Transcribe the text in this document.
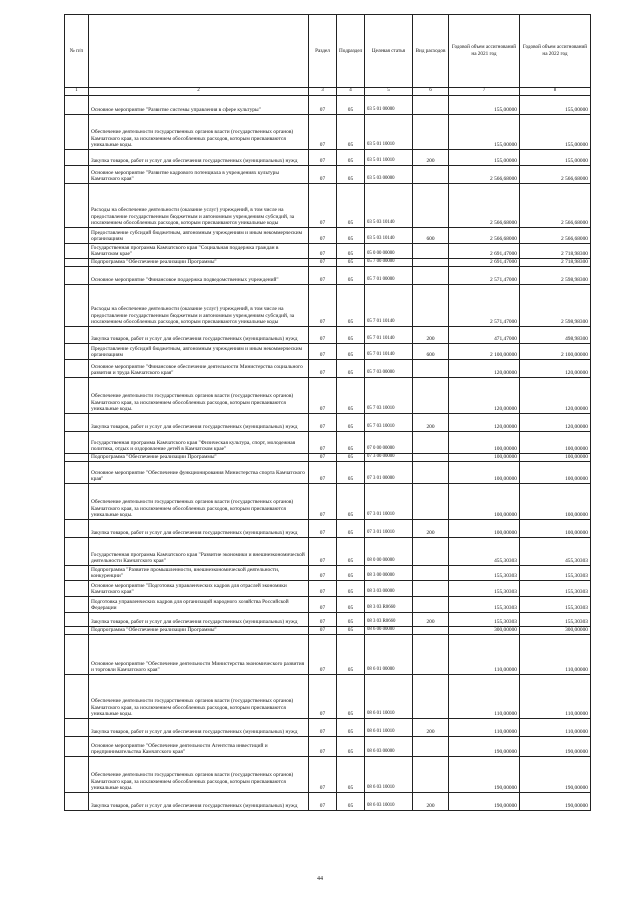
№ п/п		Раздел	Подраздел	Целевая статья	Вид расходов	Годовой объем ассигнований на 2021 год	Годовой объем ассигнований на 2022 год
1	2	3	4	5	6	7	8
	Основное мероприятие "Развитие системы управления в сфере культуры"	07	05	03 5 01 00000		155,00000	155,00000
	Обеспечение деятельности государственных органов власти (государственных органов) Камчатского края, за исключением обособленных расходов, которым присваиваются уникальные коды.	07	05	03 5 01 10010		155,00000	155,00000
	Закупка товаров, работ и услуг для обеспечения государственных (муниципальных) нужд	07	05	03 5 01 10010	200	155,00000	155,00000
	Основное мероприятие "Развитие кадрового потенциала в учреждениях культуры Камчатского края"	07	05	03 5 03 00000		2 566,68000	2 566,68000
	Расходы на обеспечение деятельности (оказание услуг) учреждений, в том числе на предоставление государственным бюджетным и автономным учреждениям субсидий, за исключением обособленных расходов, которым присваиваются уникальные коды	07	05	03 5 03 10140		2 566,68000	2 566,68000
	Предоставление субсидий бюджетным, автономным учреждениям и иным некоммерческим организациям	07	05	03 5 03 10140	600	2 566,68000	2 566,68000
	Государственная программа Камчатского края "Социальная поддержка граждан в Камчатском крае"	07	05	05 0 00 00000		2 691,47000	2 718,98300
	Подпрограмма "Обеспечение реализации Программы"	07	05	05 7 00 00000		2 691,47000	2 718,98300
	Основное мероприятие "Финансовое поддержка подведомственных учреждений"	07	05	05 7 01 00000		2 571,47000	2 598,98300
	Расходы на обеспечение деятельности (оказание услуг) учреждений, в том числе на предоставление государственным бюджетным и автономным учреждениям субсидий, за исключением обособленных расходов, которым присваиваются уникальные коды	07	05	05 7 01 10140		2 571,47000	2 598,98300
	Закупка товаров, работ и услуг для обеспечения государственных (муниципальных) нужд	07	05	05 7 01 10140	200	471,47000	498,98300
	Предоставление субсидий бюджетным, автономным учреждениям и иным некоммерческим организациям	07	05	05 7 01 10140	600	2 100,00000	2 100,00000
	Основное мероприятие "Финансовое обеспечение деятельности Министерства социального развития и труда Камчатского края"	07	05	05 7 03 00000		120,00000	120,00000
	Обеспечение деятельности государственных органов власти (государственных органов) Камчатского края, за исключением обособленных расходов, которым присваиваются уникальные коды.	07	05	05 7 03 10010		120,00000	120,00000
	Закупка товаров, работ и услуг для обеспечения государственных (муниципальных) нужд	07	05	05 7 03 10010	200	120,00000	120,00000
	Государственная программа Камчатского края "Физическая культура, спорт, молодежная политика, отдых и оздоровление детей в Камчатском крае"	07	05	07 0 00 00000		100,00000	100,00000
	Подпрограмма "Обеспечение реализации Программы"	07	05	07 3 00 00000		100,00000	100,00000
	Основное мероприятие "Обеспечение функционирования Министерства спорта Камчатского края"	07	05	07 3 01 00000		100,00000	100,00000
	Обеспечение деятельности государственных органов власти (государственных органов) Камчатского края, за исключением обособленных расходов, которым присваиваются уникальные коды.	07	05	07 3 01 10010		100,00000	100,00000
	Закупка товаров, работ и услуг для обеспечения государственных (муниципальных) нужд	07	05	07 3 01 10010	200	100,00000	100,00000
	Государственная программа Камчатского края "Развитие экономики и внешнеэкономической деятельности Камчатского края"	07	05	08 0 00 00000		455,30303	455,30303
	Подпрограмма "Развитие промышленности, внешнеэкономической деятельности, конкуренции"	07	05	08 3 00 00000		155,30303	155,30303
	Основное мероприятие "Подготовка управленческих кадров для отраслей экономики Камчатского края"	07	05	08 3 03 00000		155,30303	155,30303
	Подготовка управленческих кадров для организаций народного хозяйства Российской Федерации	07	05	08 3 03 R0660		155,30303	155,30303
	Закупка товаров, работ и услуг для обеспечения государственных (муниципальных) нужд	07	05	08 3 03 R0660	200	155,30303	155,30303
	Подпрограмма "Обеспечение реализации Программы"	07	05	08 6 00 00000		300,00000	300,00000
	Основное мероприятие "Обеспечение деятельности Министерства экономического развития и торговли Камчатского края"	07	05	08 6 01 00000		110,00000	110,00000
	Обеспечение деятельности государственных органов власти (государственных органов) Камчатского края, за исключением обособленных расходов, которым присваиваются уникальные коды.	07	05	08 6 01 10010		110,00000	110,00000
	Закупка товаров, работ и услуг для обеспечения государственных (муниципальных) нужд	07	05	08 6 01 10010	200	110,00000	110,00000
	Основное мероприятие "Обеспечение деятельности Агентства инвестиций и предпринимательства Камчатского края"	07	05	08 6 03 00000		190,00000	190,00000
	Обеспечение деятельности государственных органов власти (государственных органов) Камчатского края, за исключением обособленных расходов, которым присваиваются уникальные коды.	07	05	08 6 03 10010		190,00000	190,00000
	Закупка товаров, работ и услуг для обеспечения государственных (муниципальных) нужд	07	05	08 6 03 10010	200	190,00000	190,00000
44
